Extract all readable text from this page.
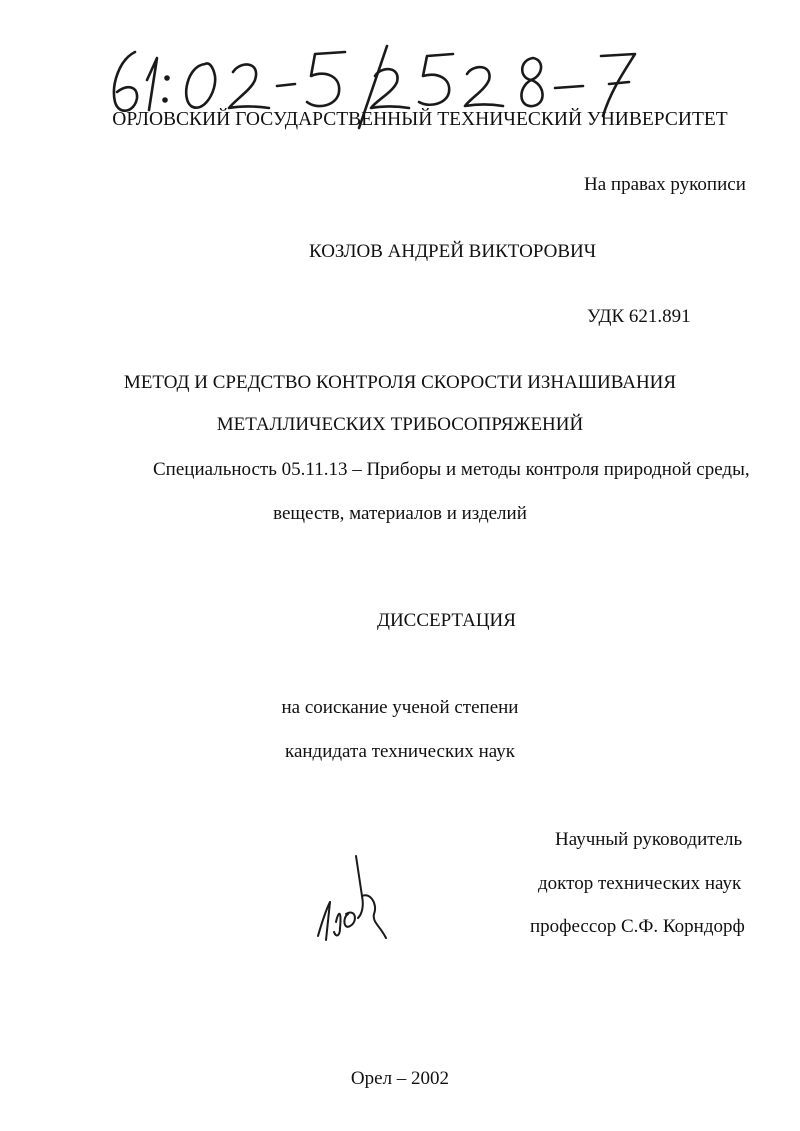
ОРЛОВСКИЙ ГОСУДАРСТВЕННЫЙ ТЕХНИЧЕСКИЙ УНИВЕРСИТЕТ
На правах рукописи
КОЗЛОВ АНДРЕЙ ВИКТОРОВИЧ
УДК 621.891
МЕТОД И СРЕДСТВО КОНТРОЛЯ СКОРОСТИ ИЗНАШИВАНИЯ
МЕТАЛЛИЧЕСКИХ ТРИБОСОПРЯЖЕНИЙ
Специальность 05.11.13 – Приборы и методы контроля природной среды,
веществ, материалов и изделий
ДИССЕРТАЦИЯ
на соискание ученой степени
кандидата технических наук
Научный руководитель
доктор технических наук
профессор С.Ф. Корндорф
Орел – 2002
